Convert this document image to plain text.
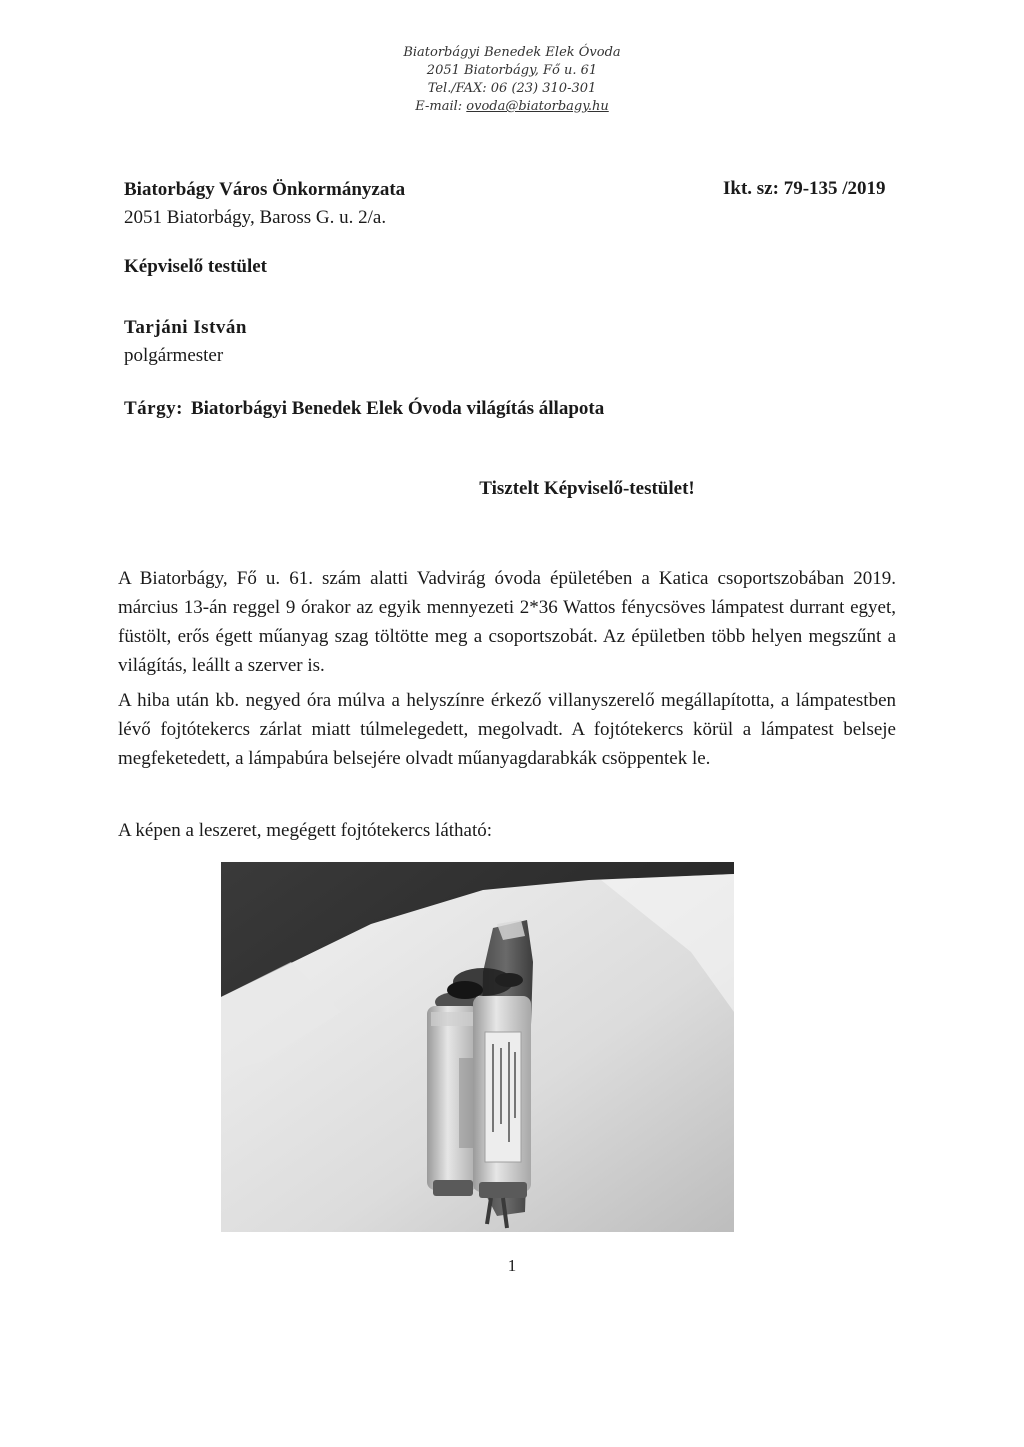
Biatorbágyi Benedek Elek Óvoda
2051 Biatorbágy, Fő u. 61
Tel./FAX: 06 (23) 310-301
E-mail: ovoda@biatorbagy.hu
Biatorbágy Város Önkormányzata
2051 Biatorbágy, Baross G. u. 2/a.
Ikt. sz: 79-135 /2019
Képviselő testület
Tarjáni István
polgármester
Tárgy: Biatorbágyi Benedek Elek Óvoda világítás állapota
Tisztelt Képviselő-testület!
A Biatorbágy, Fő u. 61. szám alatti Vadvirág óvoda épületében a Katica csoportszobában 2019. március 13-án reggel 9 órakor az egyik mennyezeti 2*36 Wattos fénycsöves lámpatest durrant egyet, füstölt, erős égett műanyag szag töltötte meg a csoportszobát. Az épületben több helyen megszűnt a világítás, leállt a szerver is.
A hiba után kb. negyed óra múlva a helyszínre érkező villanyszerelő megállapította, a lámpatestben lévő fojtótekercs zárlat miatt túlmelegedett, megolvadt. A fojtótekercs körül a lámpatest belseje megfeketedett, a lámpabúra belsejére olvadt műanyagdarabkák csöppentek le.
A képen a leszeret, megégett fojtótekercs látható:
1
